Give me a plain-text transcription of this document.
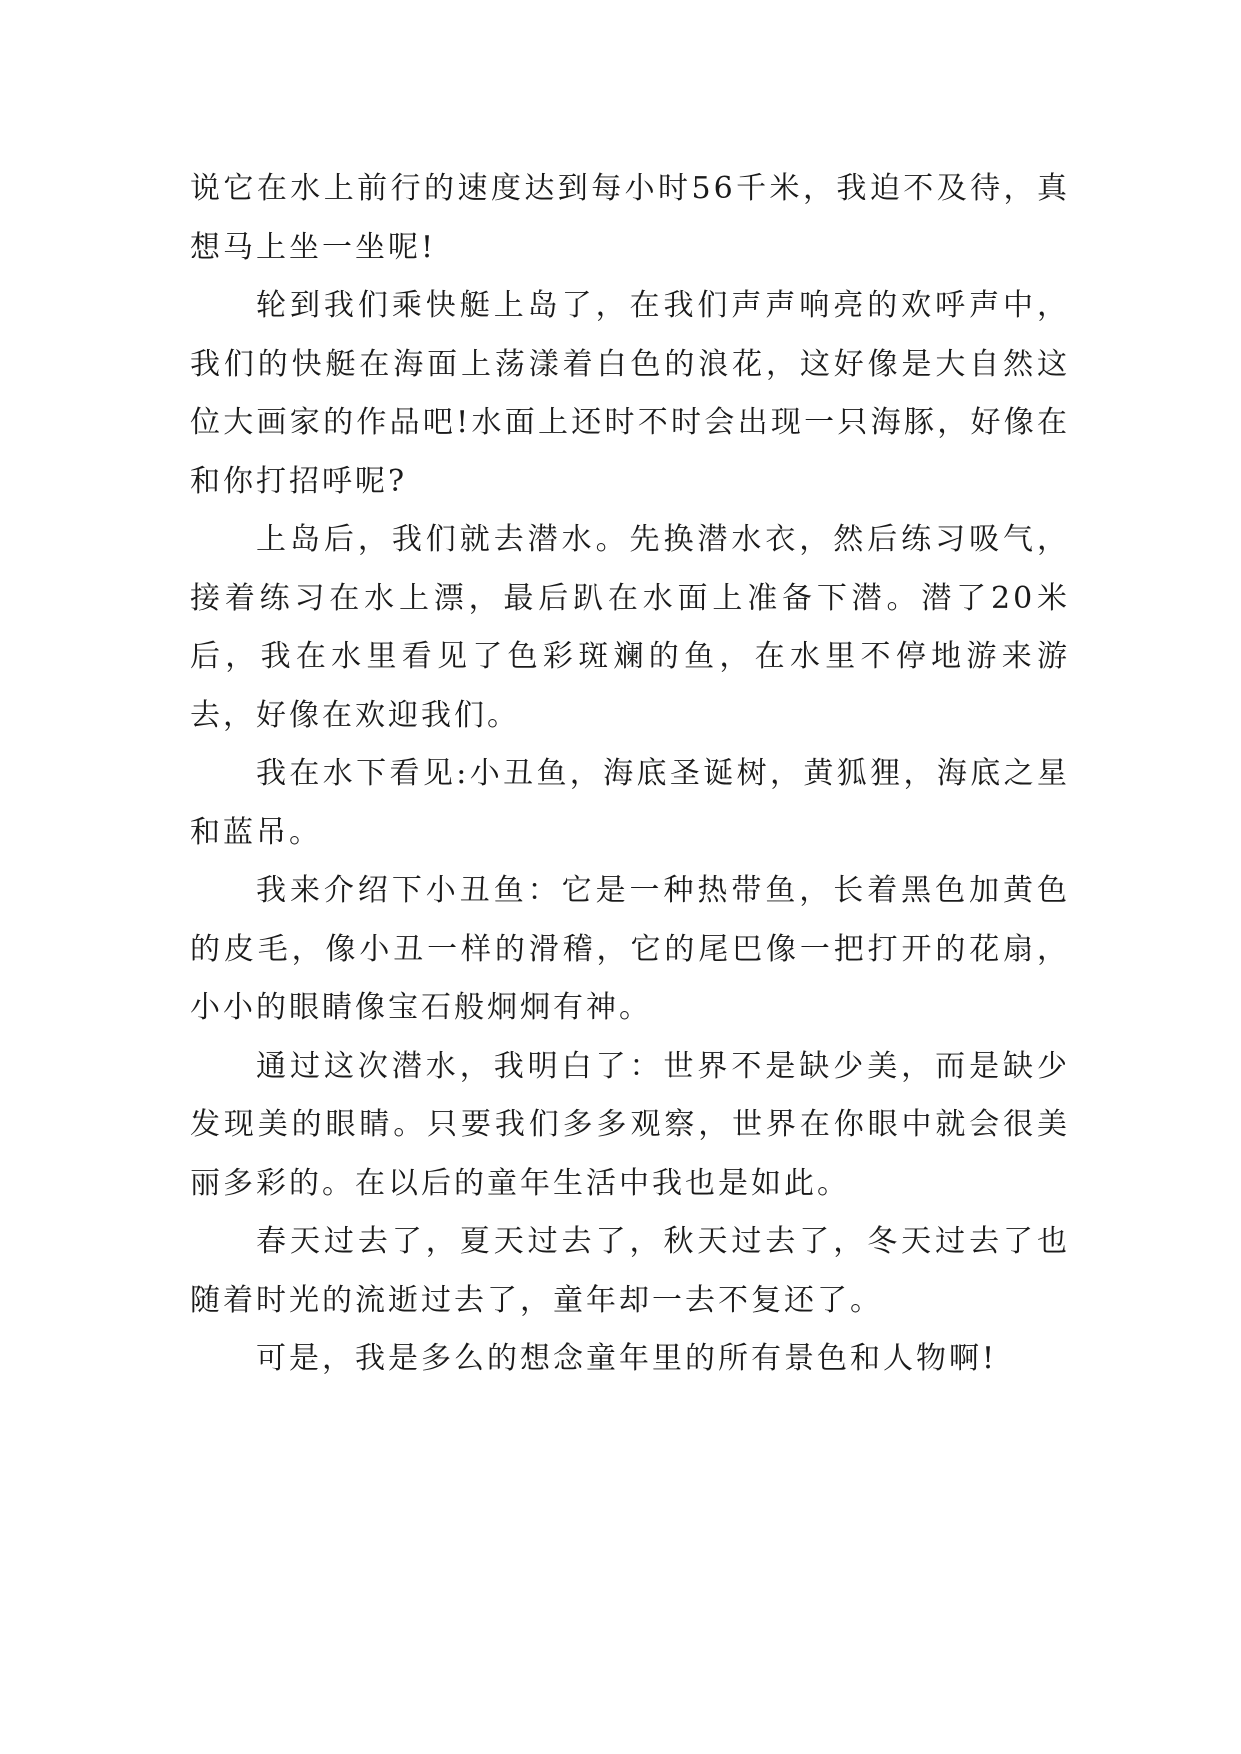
说它在水上前行的速度达到每小时56千米，我迫不及待，真想马上坐一坐呢!

轮到我们乘快艇上岛了，在我们声声响亮的欢呼声中，我们的快艇在海面上荡漾着白色的浪花，这好像是大自然这位大画家的作品吧!水面上还时不时会出现一只海豚，好像在和你打招呼呢?

上岛后，我们就去潜水。先换潜水衣，然后练习吸气，接着练习在水上漂，最后趴在水面上准备下潜。潜了20米后，我在水里看见了色彩斑斓的鱼，在水里不停地游来游去，好像在欢迎我们。

我在水下看见:小丑鱼，海底圣诞树，黄狐狸，海底之星和蓝吊。

我来介绍下小丑鱼：它是一种热带鱼，长着黑色加黄色的皮毛，像小丑一样的滑稽，它的尾巴像一把打开的花扇，小小的眼睛像宝石般炯炯有神。

通过这次潜水，我明白了：世界不是缺少美，而是缺少发现美的眼睛。只要我们多多观察，世界在你眼中就会很美丽多彩的。在以后的童年生活中我也是如此。

春天过去了，夏天过去了，秋天过去了，冬天过去了也随着时光的流逝过去了，童年却一去不复还了。

可是，我是多么的想念童年里的所有景色和人物啊!
